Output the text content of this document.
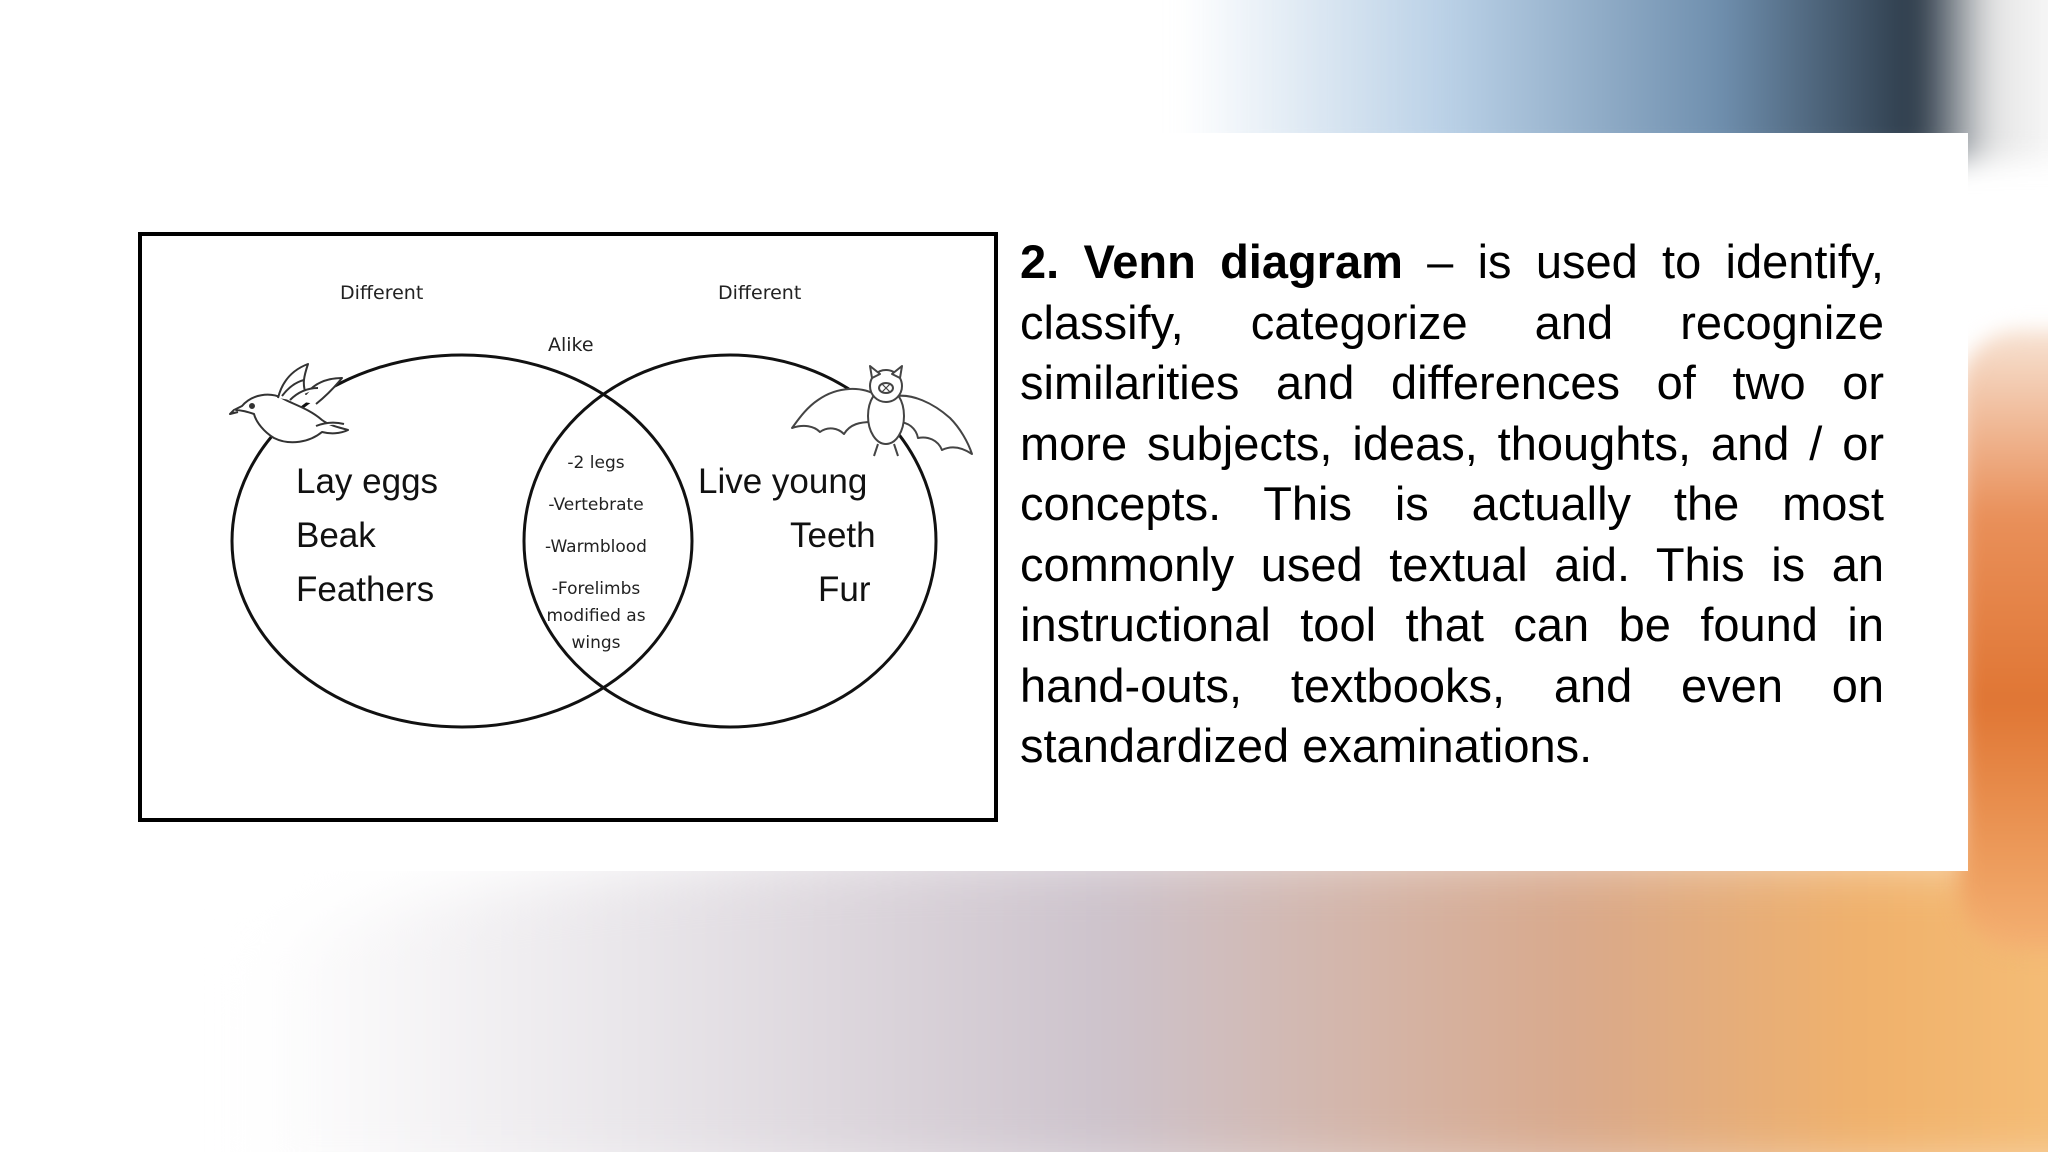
Different	Different
Alike
Lay eggs
Beak
Feathers
Live young
Teeth
Fur
-2 legs
-Vertebrate
-Warmblood
-Forelimbs modified as wings

2. Venn diagram – is used to identify, classify, categorize and recognize similarities and differences of two or more subjects, ideas, thoughts, and / or concepts. This is actually the most commonly used textual aid. This is an instructional tool that can be found in hand-outs, textbooks, and even on standardized examinations.
